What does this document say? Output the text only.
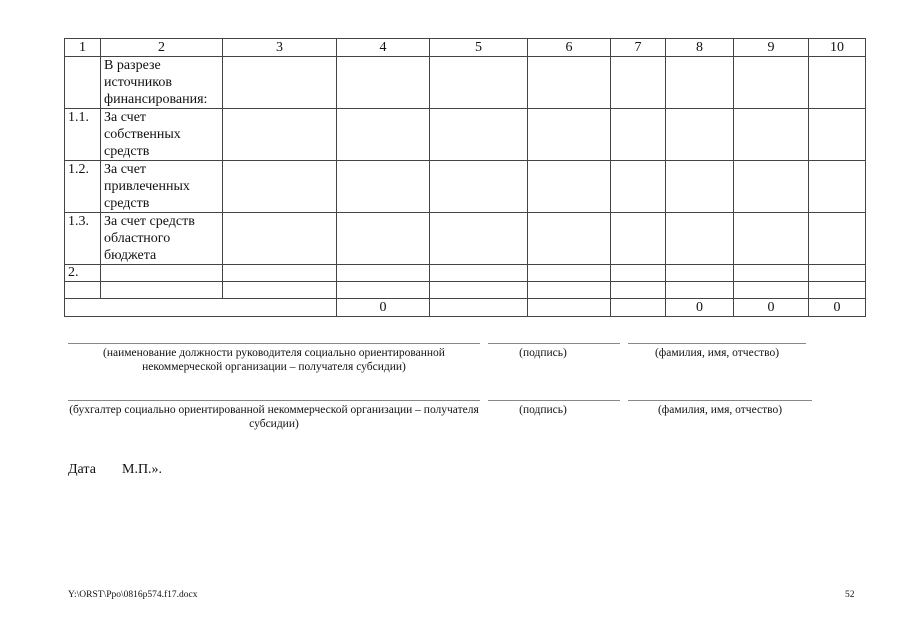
1	2	3	4	5	6	7	8	9	10
	В разрезе источников финансирования:								
1.1.	За счет собственных средств								
1.2.	За счет привлеченных средств								
1.3.	За счет средств областного бюджета								
2.									

			0				0	0	0
(наименование должности руководителя социально ориентированной некоммерческой организации – получателя субсидии)
(подпись)	(фамилия, имя, отчество)
(бухгалтер социально ориентированной некоммерческой организации – получателя субсидии)
(подпись)	(фамилия, имя, отчество)
Дата М.П.».
Y:\ORST\Ppo\0816p574.f17.docx	52
